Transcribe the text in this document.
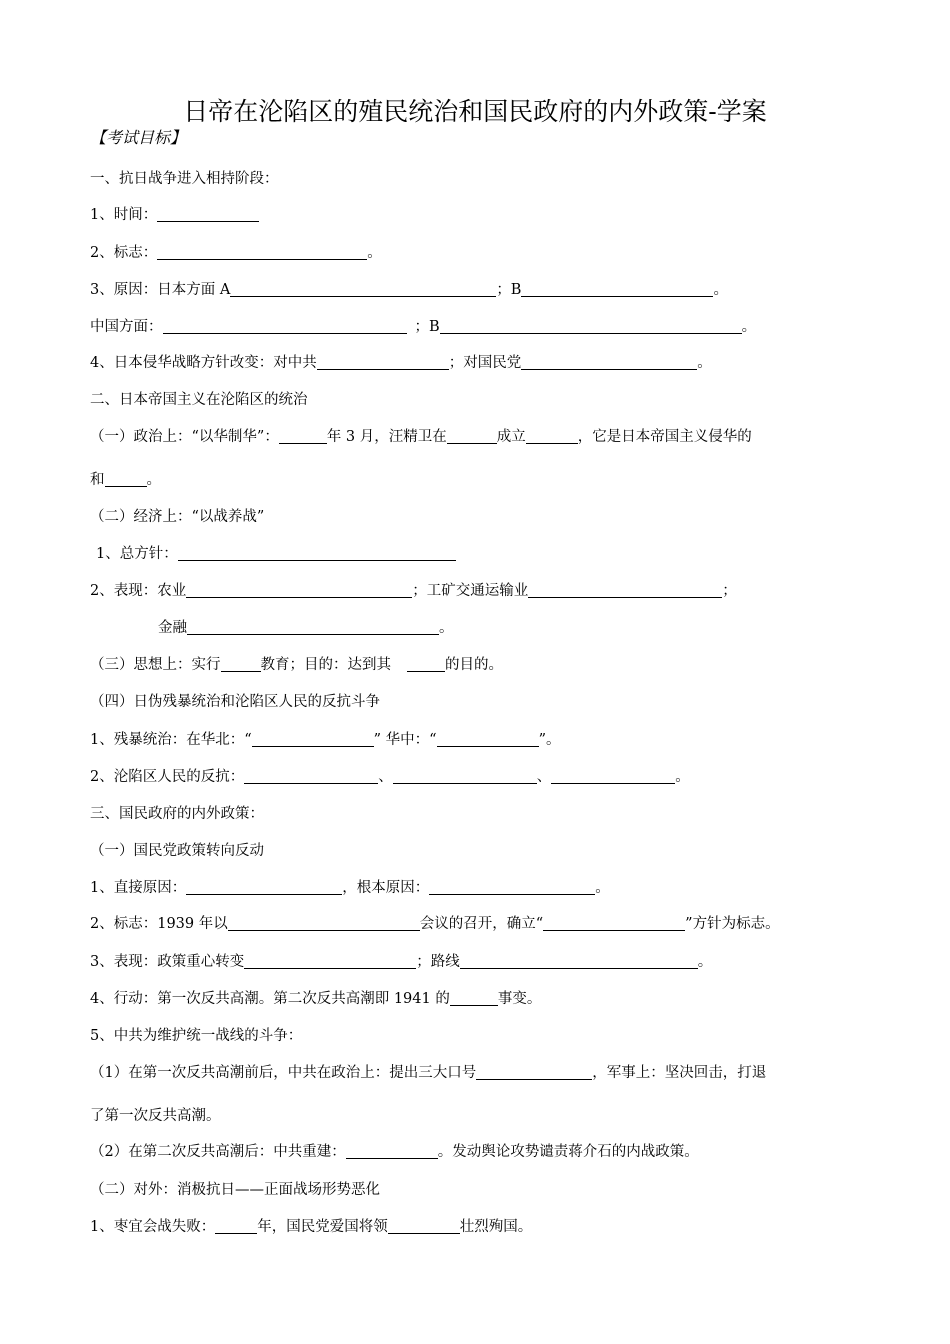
日帝在沦陷区的殖民统治和国民政府的内外政策-学案
【考试目标】
一、抗日战争进入相持阶段：
1、时间：
2、标志：	。
3、原因：日本方面 A	；B	。
中国方面：	；B	。
4、日本侵华战略方针改变：对中共	；对国民党	。
二、日本帝国主义在沦陷区的统治
（一）政治上：“以华制华”：	年 3 月，汪精卫在	成立	，它是日本帝国主义侵华的
和	。
（二）经济上：“以战养战”
1、总方针：
2、表现：农业	；工矿交通运输业	；
金融	。
（三）思想上：实行	教育；目的：达到其	的目的。
（四）日伪残暴统治和沦陷区人民的反抗斗争
1、残暴统治：在华北：“	” 华中：“	”。
2、沦陷区人民的反抗：	、	、	。
三、国民政府的内外政策：
（一）国民党政策转向反动
1、直接原因：	，根本原因：	。
2、标志：1939 年以	会议的召开，确立“	”方针为标志。
3、表现：政策重心转变	；路线	。
4、行动：第一次反共高潮。第二次反共高潮即 1941 的	事变。
5、中共为维护统一战线的斗争：
（1）在第一次反共高潮前后，中共在政治上：提出三大口号	，军事上：坚决回击，打退
了第一次反共高潮。
（2）在第二次反共高潮后：中共重建：	。发动舆论攻势谴责蒋介石的内战政策。
（二）对外：消极抗日——正面战场形势恶化
1、枣宜会战失败：	年，国民党爱国将领	壮烈殉国。
